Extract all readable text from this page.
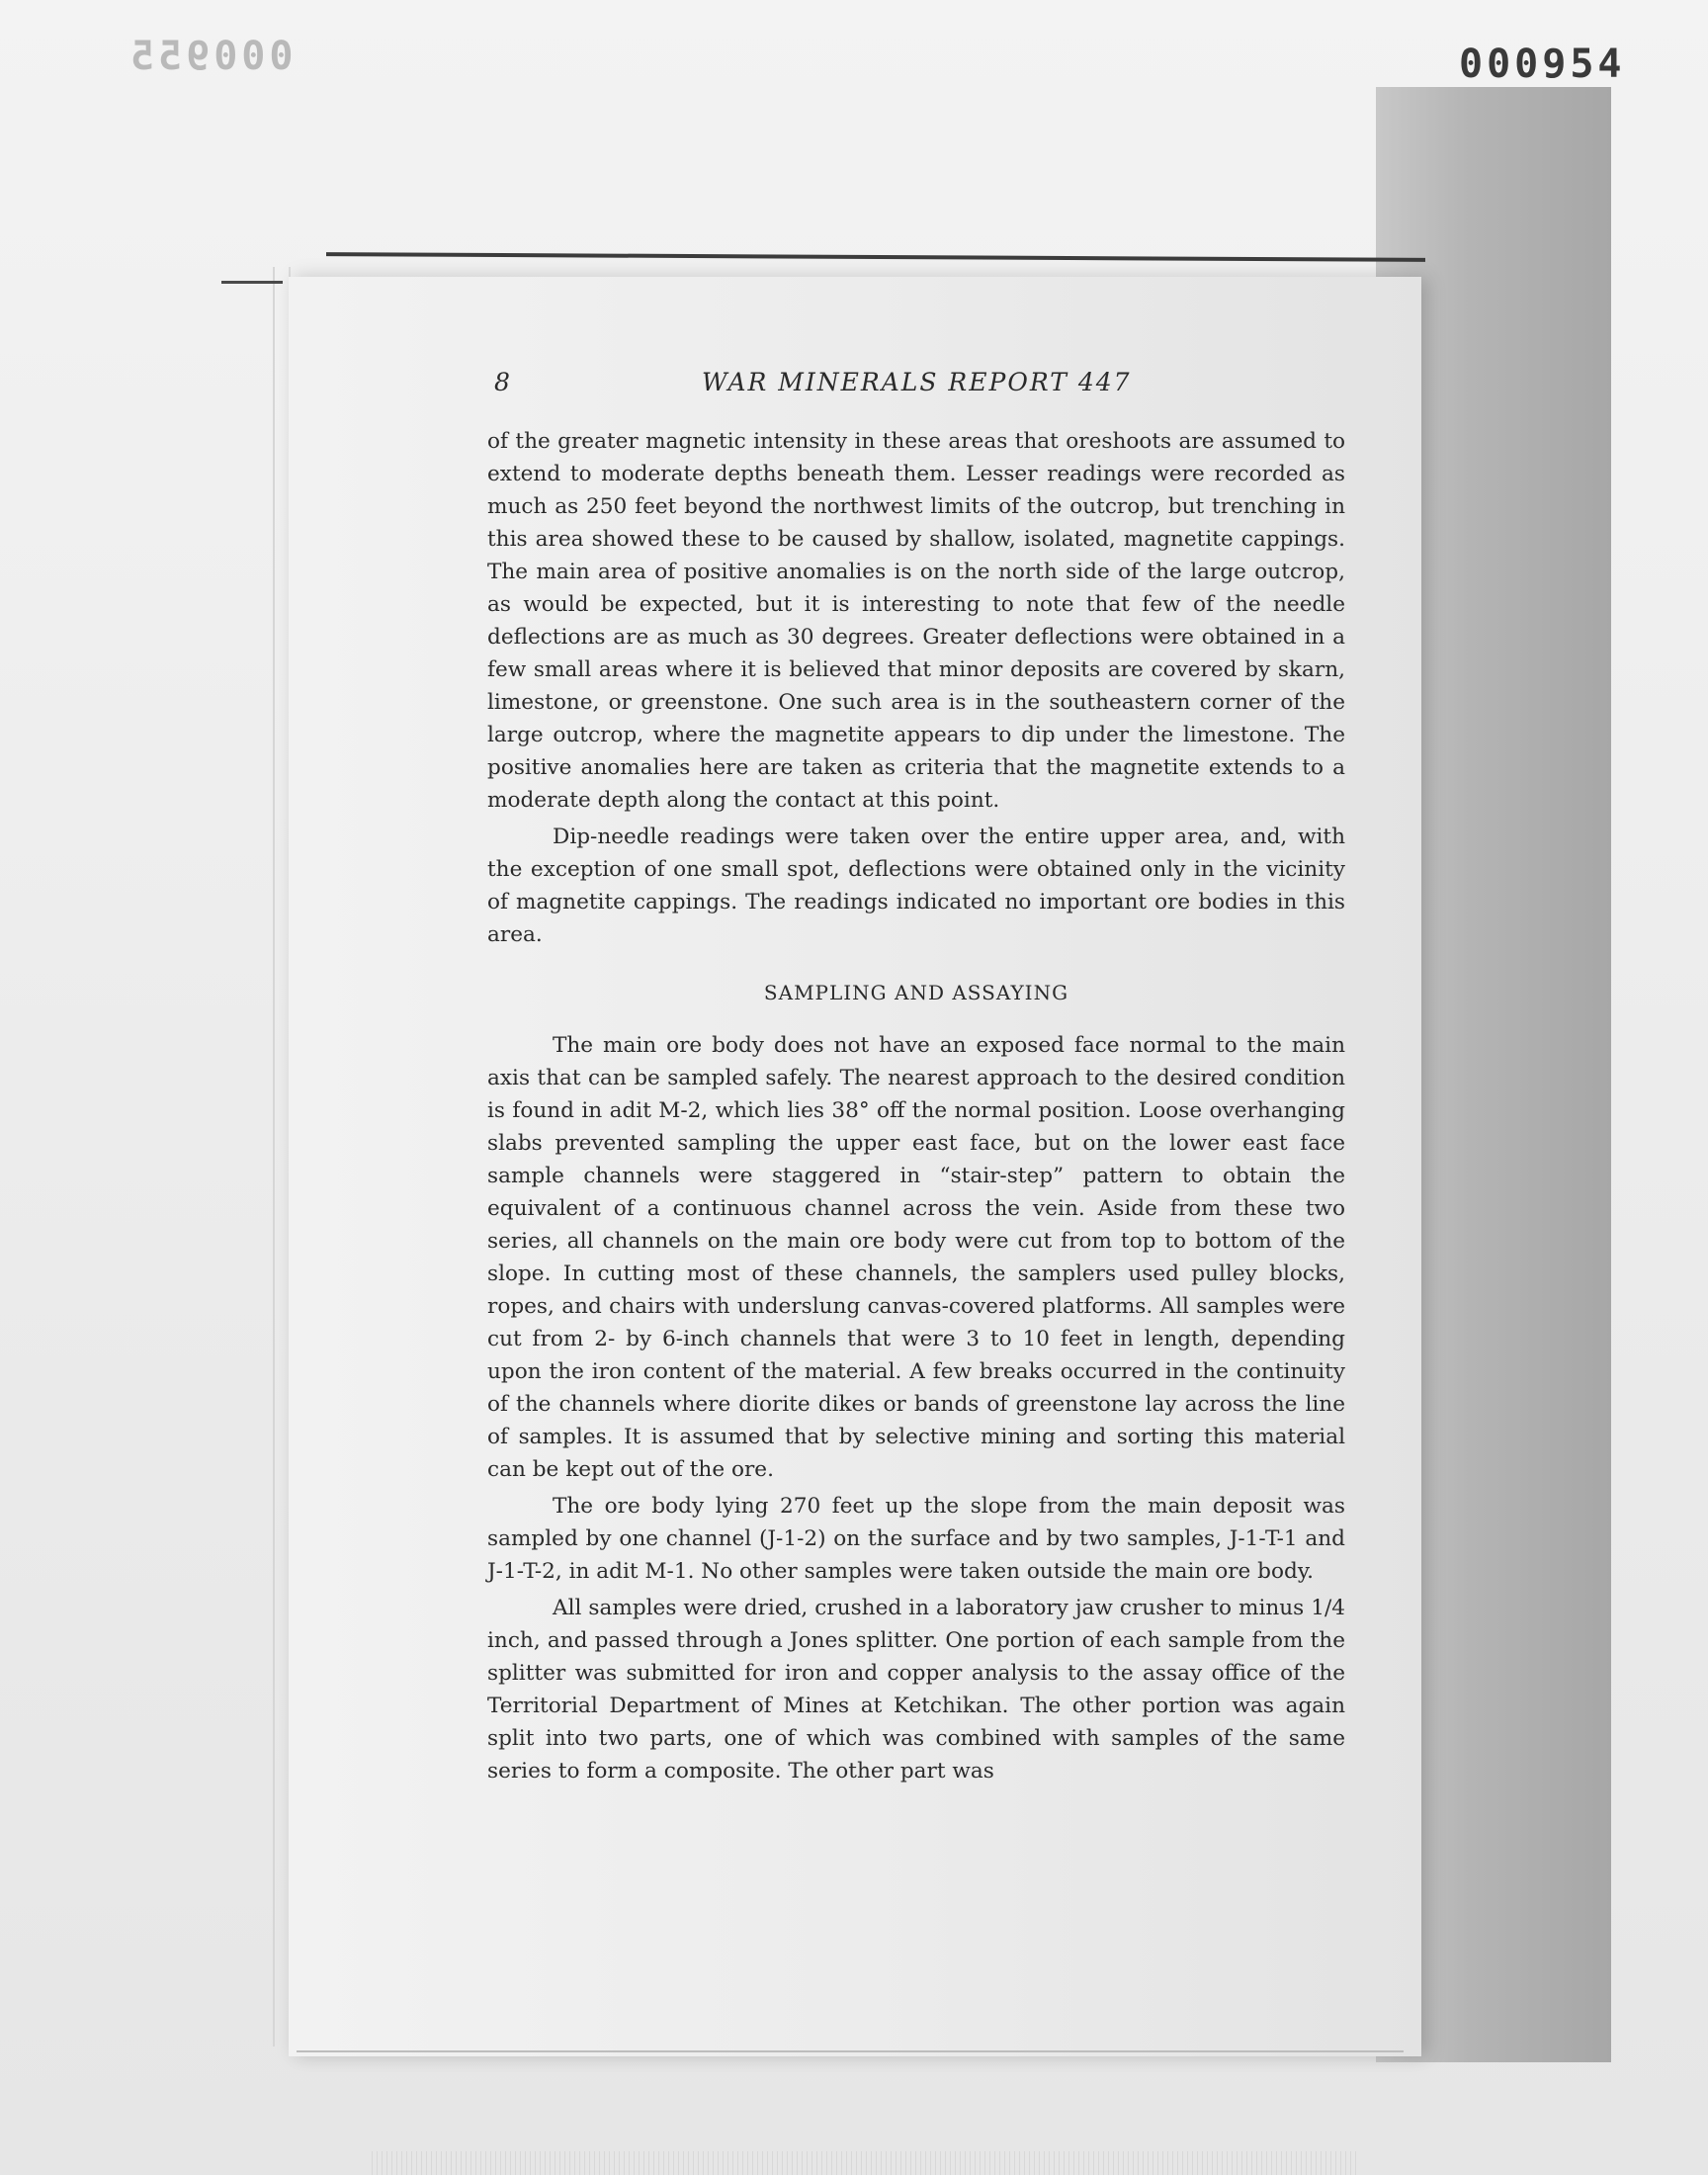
000955	000954
8	WAR MINERALS REPORT 447

of the greater magnetic intensity in these areas that oreshoots are assumed to extend to moderate depths beneath them. Lesser readings were recorded as much as 250 feet beyond the northwest limits of the outcrop, but trenching in this area showed these to be caused by shallow, isolated, magnetite cappings. The main area of positive anomalies is on the north side of the large outcrop, as would be expected, but it is interesting to note that few of the needle deflections are as much as 30 degrees. Greater deflections were obtained in a few small areas where it is believed that minor deposits are covered by skarn, limestone, or greenstone. One such area is in the southeastern corner of the large outcrop, where the magnetite appears to dip under the limestone. The positive anomalies here are taken as criteria that the magnetite extends to a moderate depth along the contact at this point.

Dip-needle readings were taken over the entire upper area, and, with the exception of one small spot, deflections were obtained only in the vicinity of magnetite cappings. The readings indicated no important ore bodies in this area.

SAMPLING AND ASSAYING

The main ore body does not have an exposed face normal to the main axis that can be sampled safely. The nearest approach to the desired condition is found in adit M-2, which lies 38° off the normal position. Loose overhanging slabs prevented sampling the upper east face, but on the lower east face sample channels were staggered in “stair-step” pattern to obtain the equivalent of a continuous channel across the vein. Aside from these two series, all channels on the main ore body were cut from top to bottom of the slope. In cutting most of these channels, the samplers used pulley blocks, ropes, and chairs with underslung canvas-covered platforms. All samples were cut from 2- by 6-inch channels that were 3 to 10 feet in length, depending upon the iron content of the material. A few breaks occurred in the continuity of the channels where diorite dikes or bands of greenstone lay across the line of samples. It is assumed that by selective mining and sorting this material can be kept out of the ore.

The ore body lying 270 feet up the slope from the main deposit was sampled by one channel (J-1-2) on the surface and by two samples, J-1-T-1 and J-1-T-2, in adit M-1. No other samples were taken outside the main ore body.

All samples were dried, crushed in a laboratory jaw crusher to minus 1/4 inch, and passed through a Jones splitter. One portion of each sample from the splitter was submitted for iron and copper analysis to the assay office of the Territorial Department of Mines at Ketchikan. The other portion was again split into two parts, one of which was combined with samples of the same series to form a composite. The other part was
